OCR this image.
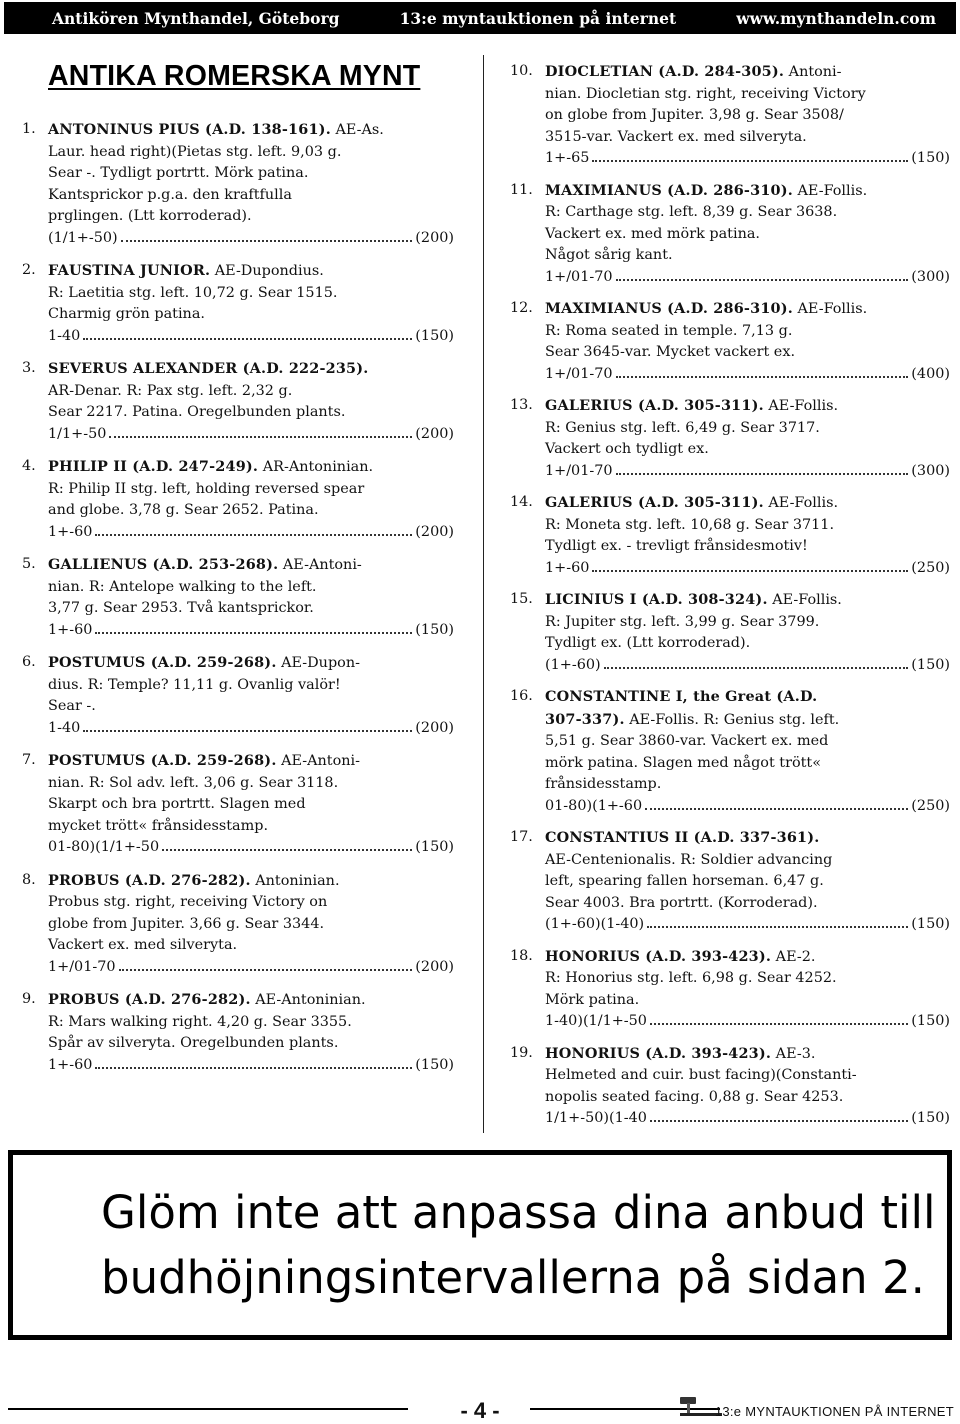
Antikören Mynthandel, Göteborg	13:e myntauktionen på internet	www.mynthandeln.com
ANTIKA ROMERSKA MYNT
1. ANTONINUS PIUS (A.D. 138-161). AE-As.
Laur. head right)(Pietas stg. left. 9,03 g.
Sear -. Tydligt portrtt. Mörk patina.
Kantsprickor p.g.a. den kraftfulla
prglingen. (Ltt korroderad).
(1/1+-50)	(200)
2. FAUSTINA JUNIOR. AE-Dupondius.
R: Laetitia stg. left. 10,72 g. Sear 1515.
Charmig grön patina.
1-40	(150)
3. SEVERUS ALEXANDER (A.D. 222-235).
AR-Denar. R: Pax stg. left. 2,32 g.
Sear 2217. Patina. Oregelbunden plants.
1/1+-50	(200)
4. PHILIP II (A.D. 247-249). AR-Antoninian.
R: Philip II stg. left, holding reversed spear
and globe. 3,78 g. Sear 2652. Patina.
1+-60	(200)
5. GALLIENUS (A.D. 253-268). AE-Antoni-
nian. R: Antelope walking to the left.
3,77 g. Sear 2953. Två kantsprickor.
1+-60	(150)
6. POSTUMUS (A.D. 259-268). AE-Dupon-
dius. R: Temple? 11,11 g. Ovanlig valör!
Sear -.
1-40	(200)
7. POSTUMUS (A.D. 259-268). AE-Antoni-
nian. R: Sol adv. left. 3,06 g. Sear 3118.
Skarpt och bra portrtt. Slagen med
mycket trött« frånsidesstamp.
01-80)(1/1+-50	(150)
8. PROBUS (A.D. 276-282). Antoninian.
Probus stg. right, receiving Victory on
globe from Jupiter. 3,66 g. Sear 3344.
Vackert ex. med silveryta.
1+/01-70	(200)
9. PROBUS (A.D. 276-282). AE-Antoninian.
R: Mars walking right. 4,20 g. Sear 3355.
Spår av silveryta. Oregelbunden plants.
1+-60	(150)
10. DIOCLETIAN (A.D. 284-305). Antoni-
nian. Diocletian stg. right, receiving Victory
on globe from Jupiter. 3,98 g. Sear 3508/
3515-var. Vackert ex. med silveryta.
1+-65	(150)
11. MAXIMIANUS (A.D. 286-310). AE-Follis.
R: Carthage stg. left. 8,39 g. Sear 3638.
Vackert ex. med mörk patina.
Något sårig kant.
1+/01-70	(300)
12. MAXIMIANUS (A.D. 286-310). AE-Follis.
R: Roma seated in temple. 7,13 g.
Sear 3645-var. Mycket vackert ex.
1+/01-70	(400)
13. GALERIUS (A.D. 305-311). AE-Follis.
R: Genius stg. left. 6,49 g. Sear 3717.
Vackert och tydligt ex.
1+/01-70	(300)
14. GALERIUS (A.D. 305-311). AE-Follis.
R: Moneta stg. left. 10,68 g. Sear 3711.
Tydligt ex. - trevligt frånsidesmotiv!
1+-60	(250)
15. LICINIUS I (A.D. 308-324). AE-Follis.
R: Jupiter stg. left. 3,99 g. Sear 3799.
Tydligt ex. (Ltt korroderad).
(1+-60)	(150)
16. CONSTANTINE I, the Great (A.D.
307-337). AE-Follis. R: Genius stg. left.
5,51 g. Sear 3860-var. Vackert ex. med
mörk patina. Slagen med något trött«
frånsidesstamp.
01-80)(1+-60	(250)
17. CONSTANTIUS II (A.D. 337-361).
AE-Centenionalis. R: Soldier advancing
left, spearing fallen horseman. 6,47 g.
Sear 4003. Bra portrtt. (Korroderad).
(1+-60)(1-40)	(150)
18. HONORIUS (A.D. 393-423). AE-2.
R: Honorius stg. left. 6,98 g. Sear 4252.
Mörk patina.
1-40)(1/1+-50	(150)
19. HONORIUS (A.D. 393-423). AE-3.
Helmeted and cuir. bust facing)(Constanti-
nopolis seated facing. 0,88 g. Sear 4253.
1/1+-50)(1-40	(150)
Glöm inte att anpassa dina anbud till
budhöjningsintervallerna på sidan 2.
- 4 -	13:e MYNTAUKTIONEN PÅ INTERNET
